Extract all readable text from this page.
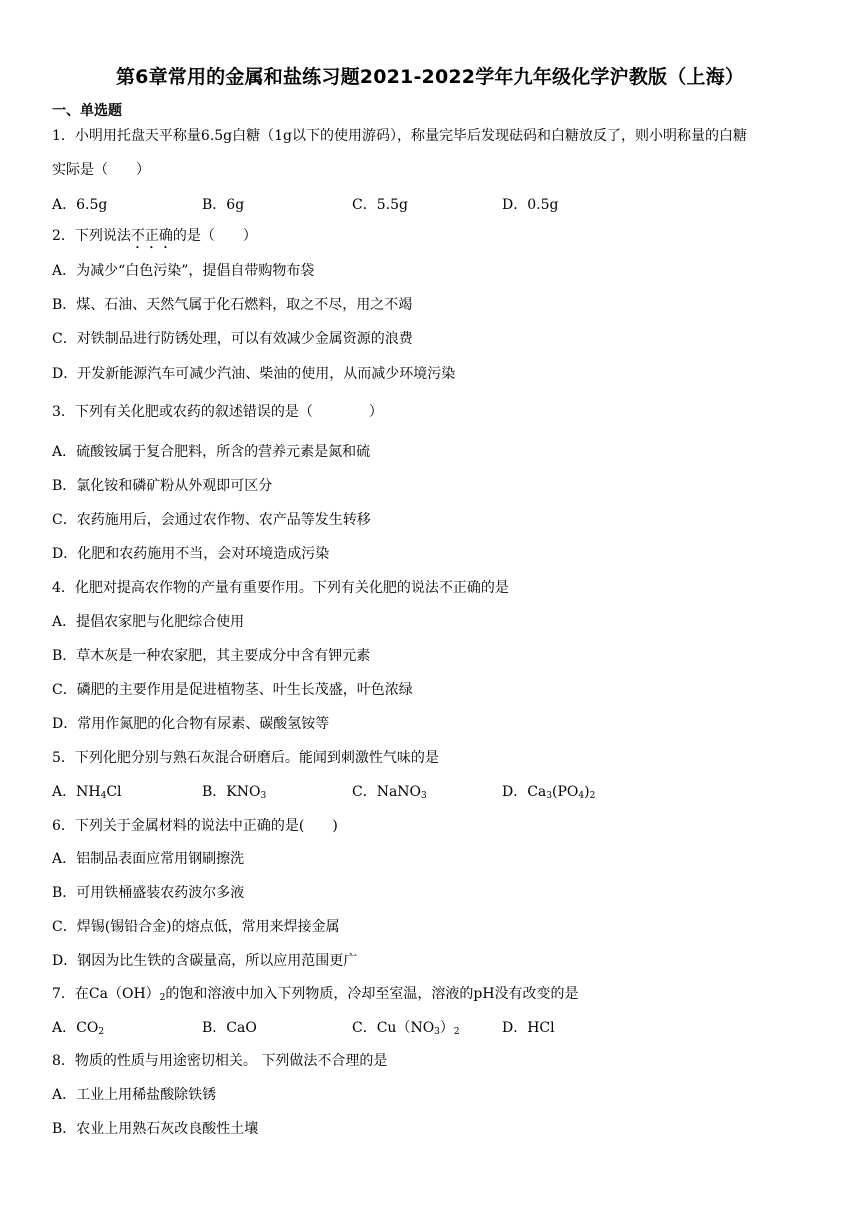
第6章常用的金属和盐练习题2021-2022学年九年级化学沪教版（上海）
一、单选题
1．小明用托盘天平称量6.5g白糖（1g以下的使用游码），称量完毕后发现砝码和白糖放反了，则小明称量的白糖
实际是（　　）
A．6.5g	B．6g	C．5.5g	D．0.5g
2．下列说法不正确的是（　　）
A．为减少“白色污染”，提倡自带购物布袋
B．煤、石油、天然气属于化石燃料，取之不尽，用之不竭
C．对铁制品进行防锈处理，可以有效减少金属资源的浪费
D．开发新能源汽车可减少汽油、柴油的使用，从而减少环境污染
3．下列有关化肥或农药的叙述错误的是（　　　　）
A．硫酸铵属于复合肥料，所含的营养元素是氮和硫
B．氯化铵和磷矿粉从外观即可区分
C．农药施用后，会通过农作物、农产品等发生转移
D．化肥和农药施用不当，会对环境造成污染
4．化肥对提高农作物的产量有重要作用。下列有关化肥的说法不正确的是
A．提倡农家肥与化肥综合使用
B．草木灰是一种农家肥，其主要成分中含有钾元素
C．磷肥的主要作用是促进植物茎、叶生长茂盛，叶色浓绿
D．常用作氮肥的化合物有尿素、碳酸氢铵等
5．下列化肥分别与熟石灰混合研磨后。能闻到刺激性气味的是
A．$NH_4Cl$	B．$KNO_3$	C．NaNO$_3$	D．$Ca_3(PO_4)_2$
6．下列关于金属材料的说法中正确的是(　　)
A．铝制品表面应常用钢刷擦洗
B．可用铁桶盛装农药波尔多液
C．焊锡(锡铅合金)的熔点低，常用来焊接金属
D．钢因为比生铁的含碳量高，所以应用范围更广
7．在$Ca(OH)_2$的饱和溶液中加入下列物质，冷却至室温，溶液的pH没有改变的是
A．$CO_2$	B．CaO	C．$Cu(NO_3)_2$	D．HCl
8．物质的性质与用途密切相关。 下列做法不合理的是
A．工业上用稀盐酸除铁锈
B．农业上用熟石灰改良酸性土壤
